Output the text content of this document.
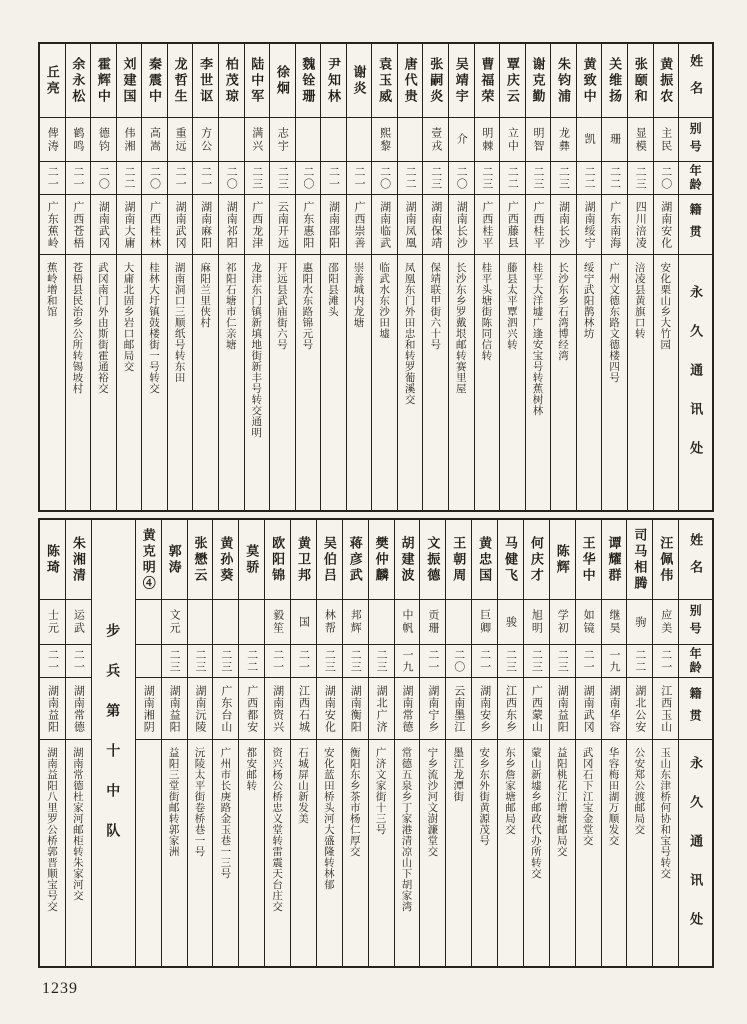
丘亮
俾涛
二一
广东蕉岭
蕉岭增和馆
余永松
鹤鸣
二一
广西苍梧
苍梧县民治乡公所转锡坡村
霍辉中
德钧
二〇
湖南武冈
武冈南门外由斯街霍通裕交
刘建国
伟湘
二二
湖南大庸
大庸北固乡岩口邮局交
秦震中
高嵩
二〇
广西桂林
桂林大圩镇鼓楼街一号转交
龙哲生
重远
二一
湖南武冈
湖南洞口三顺纸号转东田
李世讴
方公
二一
湖南麻阳
麻阳兰里侠村
柏茂琼
二〇
湖南祁阳
祁阳石塘市仁亲塘
陆中军
满兴
二三
广西龙津
龙津东门镇新填地街新丰号转交通明
徐炯
志宇
二三
云南开远
开远县武庙街六号
魏铨珊
二〇
广东惠阳
惠阳水东路锦元号
尹知林
二一
湖南邵阳
邵阳县滩头
谢炎
二一
广西崇善
崇善城内龙塘
袁玉威
熙黎
二〇
湖南临武
临武水东沙田墟
唐代贵
二二
湖南凤凰
凤凰东门外田忠和转罗葡溪交
张嗣炎
壹戎
二三
湖南保靖
保靖联甲街六十号
吴靖宇
介
二〇
湖南长沙
长沙东乡罗戴垠邮转赛里屋
曹福荣
明棘
二三
广西桂平
桂平头塘街陈同信转
覃庆云
立中
二二
广西藤县
藤县太平覃泗兴转
谢克勤
明智
二三
广西桂平
桂平大洋墟广逢安宝号转蕉树林
朱钧浦
龙彝
二三
湖南长沙
长沙东乡石湾博经湾
黄致中
凯
二二
湖南绥宁
绥宁武阳鹊林坊
关维扬
珊
二二
广东南海
广州文德东路文德楼四号
张颐和
显模
二三
四川涪凌
涪凌县黄旗口转
黄振农
主民
二〇
湖南安化
安化栗山乡大竹园
姓名
别号
年龄
籍贯
永久通讯处
陈琦
士元
二一
湖南益阳
湖南益阳八里罗公桥郭晋顺宝号交
朱湘清
运武
二一
湖南常德
湖南常德杜家河邮柜转朱家河交 步兵第十中队
黄克明④
湖南湘阴
郭涛
文元
二三
湖南益阳
益阳三堂街邮转郭家洲
张懋云
二三
湖南沅陵
沅陵太平街卷桥巷一号
黄孙葵
二三
广东台山
广州市长庚路金玉巷一三号
莫骄
二二
广西都安
都安邮转
欧阳锦
毅笙
二一
湖南资兴
资兴杨公桥忠义堂转雷震天台庄交
黄卫邦
国
二一
江西石城
石城屏山新发美
吴伯吕
林帮
二三
湖南安化
安化蓝田桥头河大盛隆转林郁
蒋彦武
邦辉
二三
湖南衡阳
衡阳东乡茶市杨仁厚交
樊仲麟
二三
湖北广济
广济文家街十三号
胡建波
中帆
一九
湖南常德
常德五泉乡丁家港清凉山下胡家湾
文振德
贡珊
二一
湖南宁乡
宁乡流沙河文澍濂堂交
王朝周
二〇
云南墨江
墨江龙潭街
黄忠国
巨卿
二一
湖南安乡
安乡东外街黄源茂号
马健飞
骏
二三
江西东乡
东乡詹家塘邮局交
何庆才
旭明
二三
广西蒙山
蒙山新墟乡邮政代办所转交
陈辉
学初
二三
湖南益阳
益阳桃花江增塘邮局交
王华中
如镜
二一
湖南武冈
武冈石下江宝金堂交
谭耀群
继昊
一九
湖南华容
华容梅田湖万顺发交
司马相腾
驹
二二
湖北公安
公安郑公渡邮局交
汪佩伟
应美
二一
江西玉山
玉山东津桥何协和宝号转交
姓名
别号
年龄
籍贯
永久通讯处
1239
